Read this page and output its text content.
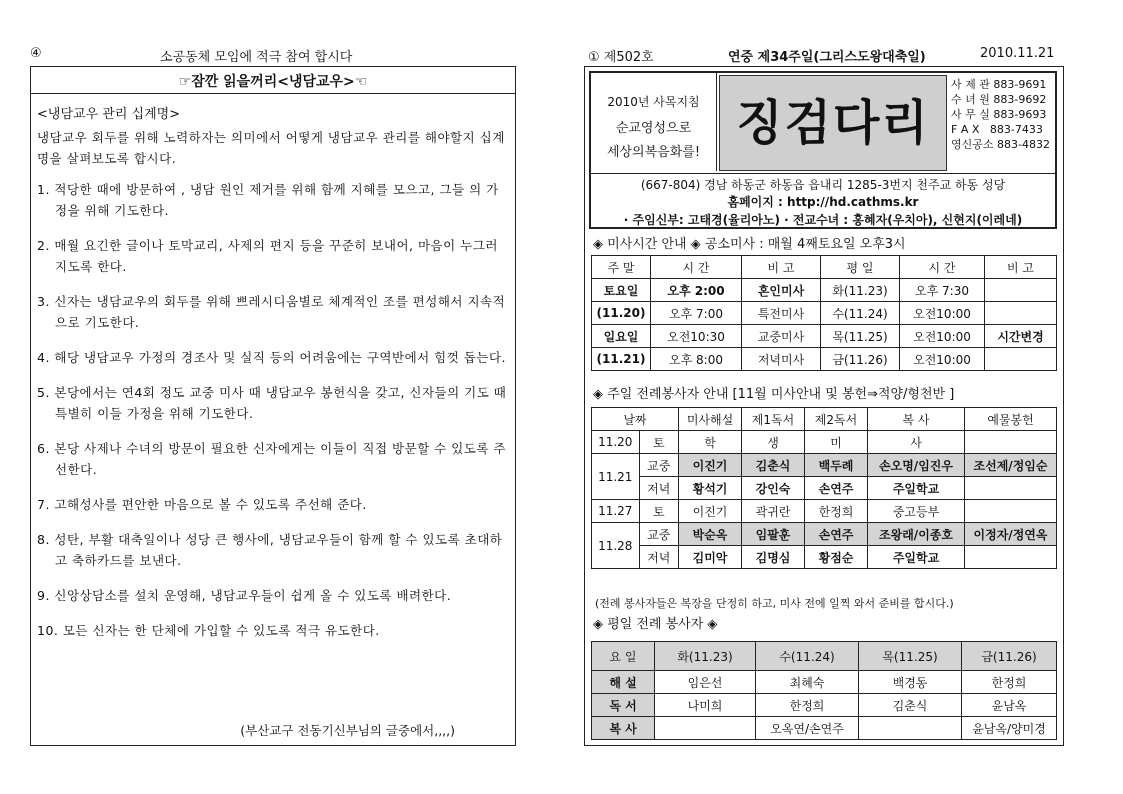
④	소공동체 모임에 적극 참여 합시다
☞잠깐 읽을꺼리<냉담교우>☜
<냉담교우 관리 십계명>
냉담교우 회두를 위해 노력하자는 의미에서 어떻게 냉담교우 관리를 해야할지 십계명을 살펴보도록 합시다.
1. 적당한 때에 방문하여 , 냉담 원인 제거를 위해 함께 지혜를 모으고, 그들 의 가정을 위해 기도한다.
2. 매월 요긴한 글이나 토막교리, 사제의 편지 등을 꾸준히 보내어, 마음이 누그러지도록 한다.
3. 신자는 냉담교우의 회두를 위해 쁘레시디움별로 체계적인 조를 편성해서 지속적으로 기도한다.
4. 해당 냉담교우 가정의 경조사 및 실직 등의 어려움에는 구역반에서 힘껏 돕는다.
5. 본당에서는 연4회 정도 교중 미사 때 냉담교우 봉헌식을 갖고, 신자들의 기도 때 특별히 이들 가정을 위해 기도한다.
6. 본당 사제나 수녀의 방문이 필요한 신자에게는 이들이 직접 방문할 수 있도록 주선한다.
7. 고해성사를 편안한 마음으로 볼 수 있도록 주선해 준다.
8. 성탄, 부활 대축일이나 성당 큰 행사에, 냉담교우들이 함께 할 수 있도록 초대하고 축하카드를 보낸다.
9. 신앙상담소를 설치 운영해, 냉담교우들이 쉽게 올 수 있도록 배려한다.
10. 모든 신자는 한 단체에 가입할 수 있도록 적극 유도한다.
(부산교구 전동기신부님의 글중에서,,,,)
① 제502호	연중 제34주일(그리스도왕대축일)	2010.11.21
2010년 사목지침
순교영성으로
세상의복음화를!
징검다리
사 제 관 883-9691
수 녀 원 883-9692
사 무 실 883-9693
F A X   883-7433
영신공소 883-4832
(667-804) 경남 하동군 하동읍 읍내리 1285-3번지 천주교 하동 성당
홈페이지 : http://hd.cathms.kr
· 주임신부: 고태경(율리아노) · 전교수녀 : 홍혜자(우치아), 신현지(이레네)
◈ 미사시간 안내 ◈ 공소미사 : 매월 4째토요일 오후3시
주 말	시 간	비 고	평 일	시 간	비 고
토요일	오후 2:00	혼인미사	화(11.23)	오후 7:30	
(11.20)	오후 7:00	특전미사	수(11.24)	오전10:00	
일요일	오전10:30	교중미사	목(11.25)	오전10:00	시간변경
(11.21)	오후 8:00	저녁미사	금(11.26)	오전10:00	
◈ 주일 전례봉사자 안내 [11월 미사안내 및 봉헌⇒적양/형천반 ]
날짜		미사해설	제1독서	제2독서	복 사	예물봉헌
11.20	토	학	생	미	사	
11.21	교중	이진기	김춘식	백두례	손오명/임진우	조선제/정임순
	저녁	황석기	강인숙	손연주	주일학교	
11.27	토	이진기	곽귀란	한정희	중고등부	
11.28	교중	박순옥	임팔훈	손연주	조왕래/이종호	이정자/정연옥
	저녁	김미악	김명심	황점순	주일학교	
(전례 봉사자들은 복장을 단정히 하고, 미사 전에 일찍 와서 준비를 합시다.)
◈ 평일 전례 봉사자 ◈
요 일	화(11.23)	수(11.24)	목(11.25)	금(11.26)
해 설	임은선	최혜숙	백경동	한정희
독 서	나미희	한정희	김춘식	윤남옥
복 사		오옥연/손연주		윤남옥/양미경
